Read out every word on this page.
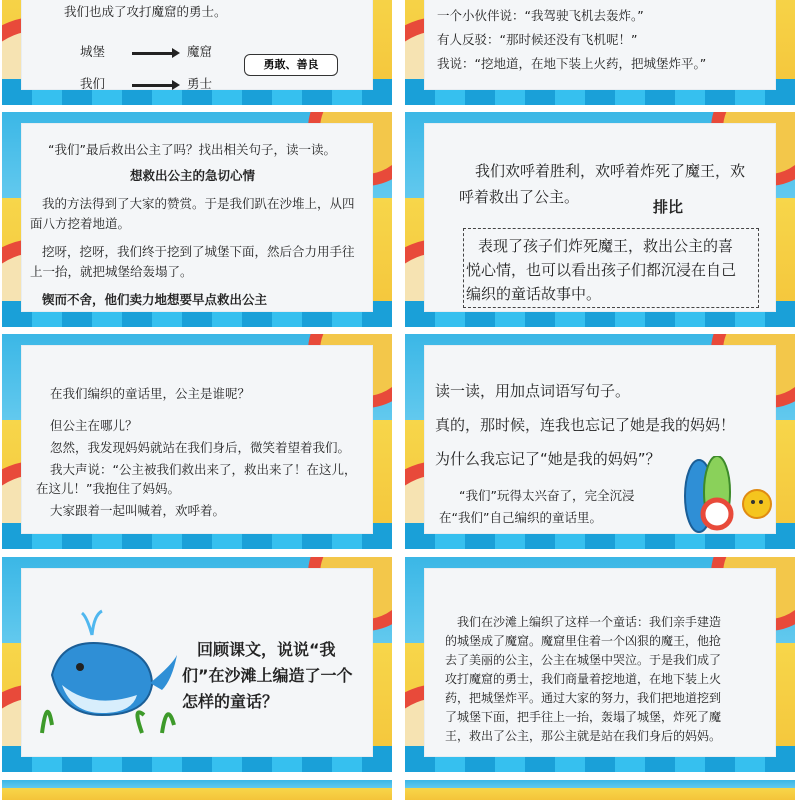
我们也成了攻打魔窟的勇士。
城堡	魔窟
我们	勇士
勇敢、善良
一个小伙伴说：“我驾驶飞机去轰炸。”
有人反驳：“那时候还没有飞机呢！”
我说：“挖地道，在地下装上火药，把城堡炸平。”
“我们”最后救出公主了吗？找出相关句子，读一读。
想救出公主的急切心情
我的方法得到了大家的赞赏。于是我们趴在沙堆上，从四
面八方挖着地道。
挖呀，挖呀，我们终于挖到了城堡下面，然后合力用手往
上一抬，就把城堡给轰塌了。
锲而不舍，他们卖力地想要早点救出公主
我们欢呼着胜利，欢呼着炸死了魔王，欢
呼着救出了公主。
排比
表现了孩子们炸死魔王，救出公主的喜
悦心情，也可以看出孩子们都沉浸在自己
编织的童话故事中。
在我们编织的童话里，公主是谁呢？
但公主在哪儿？
忽然，我发现妈妈就站在我们身后，微笑着望着我们。
我大声说：“公主被我们救出来了，救出来了！在这儿，
在这儿！”我抱住了妈妈。
大家跟着一起叫喊着，欢呼着。
读一读，用加点词语写句子。
真的，那时候，连我也忘记了她是我的妈妈！
为什么我忘记了“她是我的妈妈”？
“我们”玩得太兴奋了，完全沉浸
在“我们”自己编织的童话里。
回顾课文，说说“我
们”在沙滩上编造了一个
怎样的童话？
我们在沙滩上编织了这样一个童话：我们亲手建造
的城堡成了魔窟。魔窟里住着一个凶狠的魔王，他抢
去了美丽的公主，公主在城堡中哭泣。于是我们成了
攻打魔窟的勇士，我们商量着挖地道，在地下装上火
药，把城堡炸平。通过大家的努力，我们把地道挖到
了城堡下面，把手往上一抬，轰塌了城堡，炸死了魔
王，救出了公主，那公主就是站在我们身后的妈妈。
